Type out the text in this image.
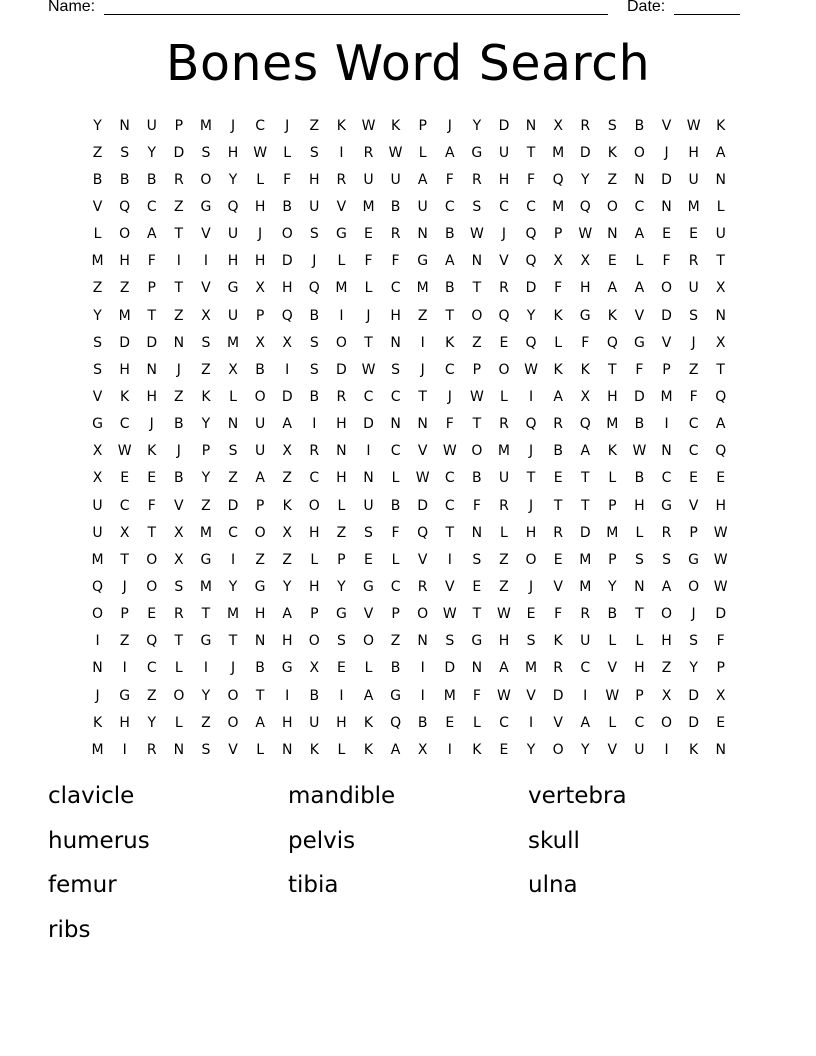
Name:	Date:
Bones Word Search
Y	N	U	P	M	J	C	J	Z	K	W	K	P	J	Y	D	N	X	R	S	B	V	W	K
Z	S	Y	D	S	H	W	L	S	I	R	W	L	A	G	U	T	M	D	K	O	J	H	A
B	B	B	R	O	Y	L	F	H	R	U	U	A	F	R	H	F	Q	Y	Z	N	D	U	N
V	Q	C	Z	G	Q	H	B	U	V	M	B	U	C	S	C	C	M	Q	O	C	N	M	L
L	O	A	T	V	U	J	O	S	G	E	R	N	B	W	J	Q	P	W	N	A	E	E	U
M	H	F	I	I	H	H	D	J	L	F	F	G	A	N	V	Q	X	X	E	L	F	R	T
Z	Z	P	T	V	G	X	H	Q	M	L	C	M	B	T	R	D	F	H	A	A	O	U	X
Y	M	T	Z	X	U	P	Q	B	I	J	H	Z	T	O	Q	Y	K	G	K	V	D	S	N
S	D	D	N	S	M	X	X	S	O	T	N	I	K	Z	E	Q	L	F	Q	G	V	J	X
S	H	N	J	Z	X	B	I	S	D	W	S	J	C	P	O	W	K	K	T	F	P	Z	T
V	K	H	Z	K	L	O	D	B	R	C	C	T	J	W	L	I	A	X	H	D	M	F	Q
G	C	J	B	Y	N	U	A	I	H	D	N	N	F	T	R	Q	R	Q	M	B	I	C	A
X	W	K	J	P	S	U	X	R	N	I	C	V	W	O	M	J	B	A	K	W	N	C	Q
X	E	E	B	Y	Z	A	Z	C	H	N	L	W	C	B	U	T	E	T	L	B	C	E	E
U	C	F	V	Z	D	P	K	O	L	U	B	D	C	F	R	J	T	T	P	H	G	V	H
U	X	T	X	M	C	O	X	H	Z	S	F	Q	T	N	L	H	R	D	M	L	R	P	W
M	T	O	X	G	I	Z	Z	L	P	E	L	V	I	S	Z	O	E	M	P	S	S	G	W
Q	J	O	S	M	Y	G	Y	H	Y	G	C	R	V	E	Z	J	V	M	Y	N	A	O	W
O	P	E	R	T	M	H	A	P	G	V	P	O	W	T	W	E	F	R	B	T	O	J	D
I	Z	Q	T	G	T	N	H	O	S	O	Z	N	S	G	H	S	K	U	L	L	H	S	F
N	I	C	L	I	J	B	G	X	E	L	B	I	D	N	A	M	R	C	V	H	Z	Y	P
J	G	Z	O	Y	O	T	I	B	I	A	G	I	M	F	W	V	D	I	W	P	X	D	X
K	H	Y	L	Z	O	A	H	U	H	K	Q	B	E	L	C	I	V	A	L	C	O	D	E
M	I	R	N	S	V	L	N	K	L	K	A	X	I	K	E	Y	O	Y	V	U	I	K	N
clavicle	mandible	vertebra
humerus	pelvis	skull
femur	tibia	ulna
ribs
